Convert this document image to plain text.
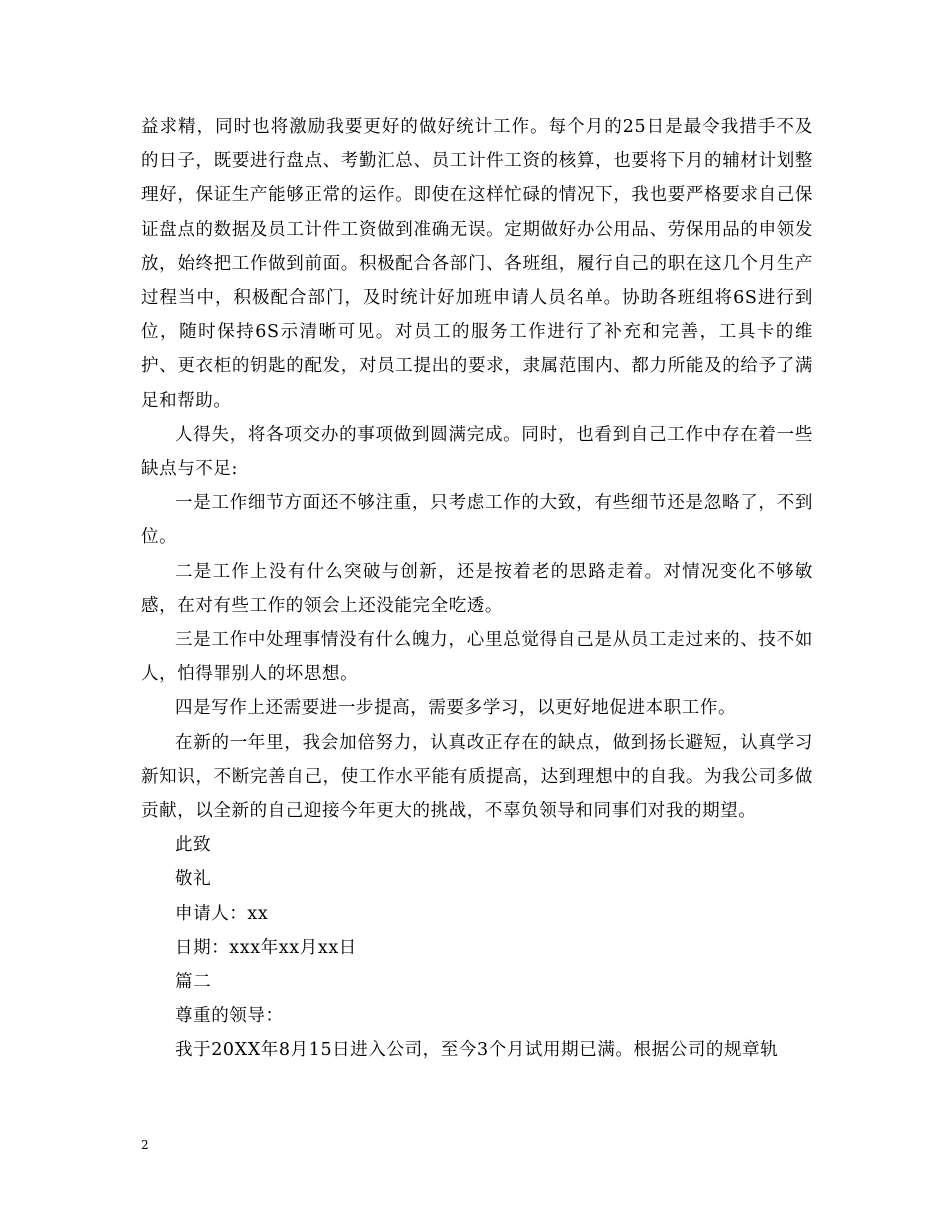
益求精，同时也将激励我要更好的做好统计工作。每个月的25日是最令我措手不及的日子，既要进行盘点、考勤汇总、员工计件工资的核算，也要将下月的辅材计划整理好，保证生产能够正常的运作。即使在这样忙碌的情况下，我也要严格要求自己保证盘点的数据及员工计件工资做到准确无误。定期做好办公用品、劳保用品的申领发放，始终把工作做到前面。积极配合各部门、各班组，履行自己的职在这几个月生产过程当中，积极配合部门，及时统计好加班申请人员名单。协助各班组将6S进行到位，随时保持6S示清晰可见。对员工的服务工作进行了补充和完善，工具卡的维护、更衣柜的钥匙的配发，对员工提出的要求，隶属范围内、都力所能及的给予了满足和帮助。

人得失，将各项交办的事项做到圆满完成。同时，也看到自己工作中存在着一些缺点与不足:

一是工作细节方面还不够注重，只考虑工作的大致，有些细节还是忽略了，不到位。

二是工作上没有什么突破与创新，还是按着老的思路走着。对情况变化不够敏感，在对有些工作的领会上还没能完全吃透。

三是工作中处理事情没有什么魄力，心里总觉得自己是从员工走过来的、技不如人，怕得罪别人的坏思想。

四是写作上还需要进一步提高，需要多学习，以更好地促进本职工作。

在新的一年里，我会加倍努力，认真改正存在的缺点，做到扬长避短，认真学习新知识，不断完善自己，使工作水平能有质提高，达到理想中的自我。为我公司多做贡献，以全新的自己迎接今年更大的挑战，不辜负领导和同事们对我的期望。

此致

敬礼

申请人：xx

日期：xxx年xx月xx日

篇二

尊重的领导：

我于20XX年8月15日进入公司，至今3个月试用期已满。根据公司的规章轨

2
